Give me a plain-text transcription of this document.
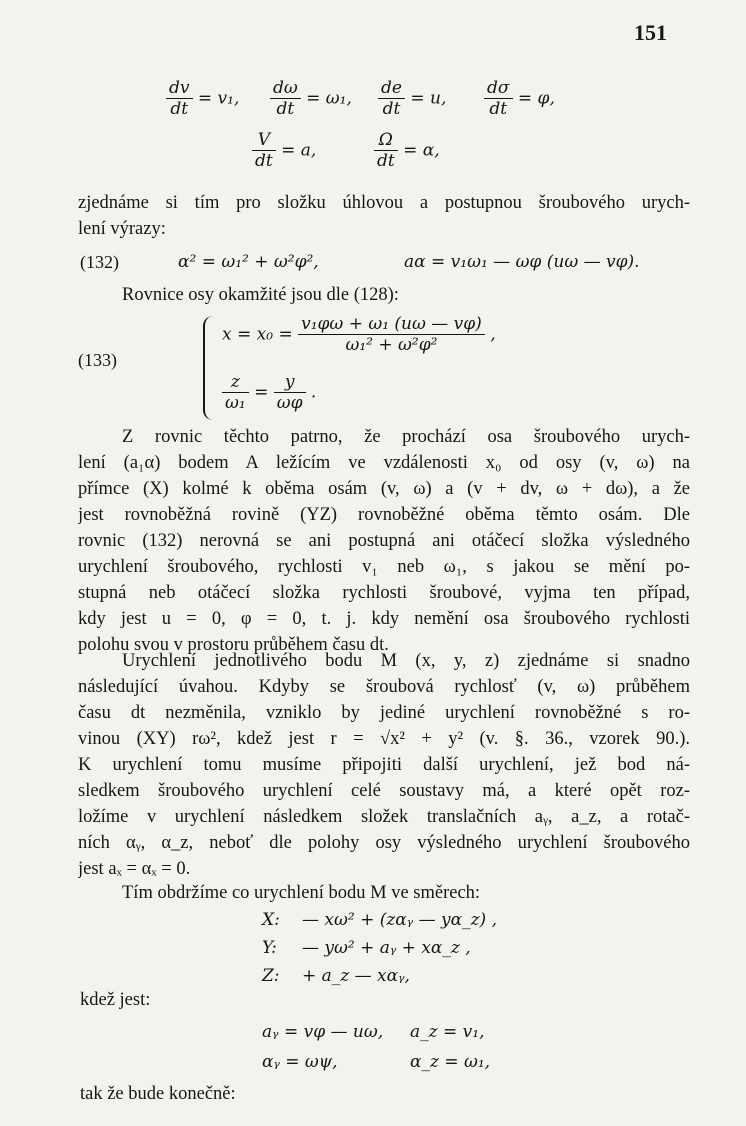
151
$\frac{dv}{dt} = v_1$, $\frac{d\omega}{dt} = \omega_1$, $\frac{de}{dt} = u$, $\frac{d\sigma}{dt} = \varphi$,
$\frac{V}{dt} = a$,	$\frac{\Omega}{dt} = \alpha$,
zjednáme si tím pro složku úhlovou a postupnou šroubového urych-
lení výrazy:
(132)	α² = ω₁² + ω²φ²,	aα = v₁ω₁ — ωφ (uω — vφ).
Rovnice osy okamžité jsou dle (128):
(133)
$x = x_0 = \frac{\text{v₁φω + ω₁ (uω — vφ)}}{\text{ω₁² + ω²φ²}}$ ,
$\frac{z}{\text{ω₁}} = \frac{y}{\omega\varphi}$ .
Z rovnic těchto patrno, že prochází osa šroubového urych-
lení (a₁α) bodem A ležícím ve vzdálenosti x₀ od osy (v, ω) na
přímce (X) kolmé k oběma osám (v, ω) a (v + dv, ω + dω), a že
jest rovnoběžná rovině (YZ) rovnoběžné oběma těmto osám. Dle
rovnic (132) nerovná se ani postupná ani otáčecí složka výsledného
urychlení šroubového, rychlosti v₁ neb ω₁, s jakou se mění po-
stupná neb otáčecí složka rychlosti šroubové, vyjma ten případ,
kdy jest u = 0, φ = 0, t. j. kdy nemění osa šroubového rychlosti
polohu svou v prostoru průběhem času dt.
Urychlení jednotlivého bodu M (x, y, z) zjednáme si snadno
následující úvahou. Kdyby se šroubová rychlosť (v, ω) průběhem
času dt nezměnila, vzniklo by jediné urychlení rovnoběžné s ro-
vinou (XY) rω², kdež jest r = √x² + y² (v. §. 36., vzorek 90.).
K urychlení tomu musíme připojiti další urychlení, jež bod ná-
sledkem šroubového urychlení celé soustavy má, a které opět roz-
ložíme v urychlení následkem složek translačních aᵧ, a_z, a rotač-
ních αᵧ, α_z, neboť dle polohy osy výsledného urychlení šroubového
jest aₓ = αₓ = 0.
Tím obdržíme co urychlení bodu M ve směrech:
X: — xω² + (zαᵧ — yα_z) ,
Y: — yω² + aᵧ + xα_z ,
Z: + a_z — xαᵧ,
kdež jest:
aᵧ = vφ — uω, a_z = v₁,
αᵧ = ωψ,	α_z = ω₁,
tak že bude konečně:
